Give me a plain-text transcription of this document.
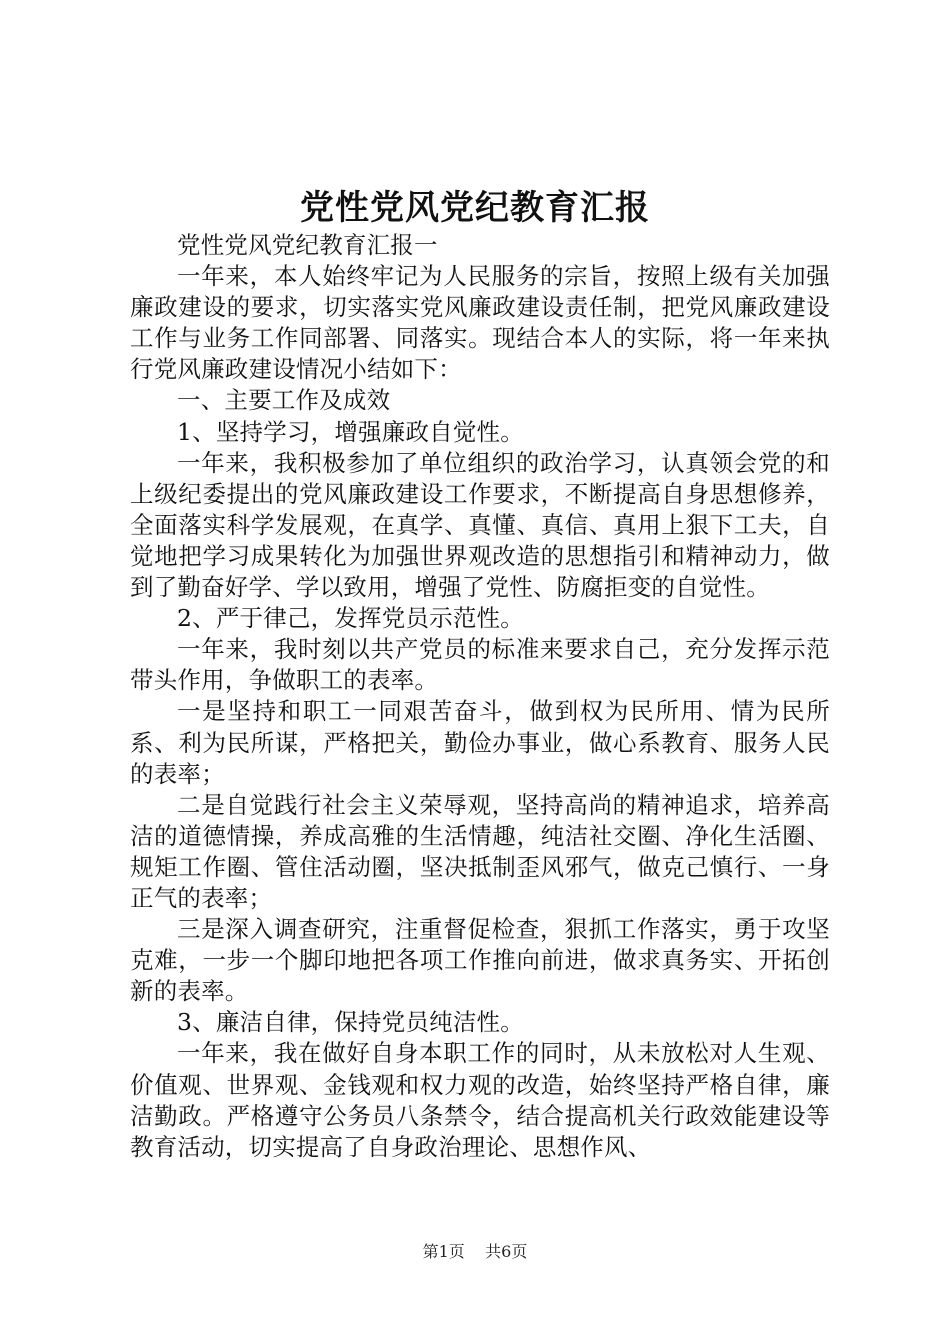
党性党风党纪教育汇报

党性党风党纪教育汇报一

一年来，本人始终牢记为人民服务的宗旨，按照上级有关加强廉政建设的要求，切实落实党风廉政建设责任制，把党风廉政建设工作与业务工作同部署、同落实。现结合本人的实际，将一年来执行党风廉政建设情况小结如下：

一、主要工作及成效

1、坚持学习，增强廉政自觉性。

一年来，我积极参加了单位组织的政治学习，认真领会党的和上级纪委提出的党风廉政建设工作要求，不断提高自身思想修养，全面落实科学发展观，在真学、真懂、真信、真用上狠下工夫，自觉地把学习成果转化为加强世界观改造的思想指引和精神动力，做到了勤奋好学、学以致用，增强了党性、防腐拒变的自觉性。

2、严于律己，发挥党员示范性。

一年来，我时刻以共产党员的标准来要求自己，充分发挥示范带头作用，争做职工的表率。

一是坚持和职工一同艰苦奋斗，做到权为民所用、情为民所系、利为民所谋，严格把关，勤俭办事业，做心系教育、服务人民的表率；

二是自觉践行社会主义荣辱观，坚持高尚的精神追求，培养高洁的道德情操，养成高雅的生活情趣，纯洁社交圈、净化生活圈、规矩工作圈、管住活动圈，坚决抵制歪风邪气，做克己慎行、一身正气的表率；

三是深入调查研究，注重督促检查，狠抓工作落实，勇于攻坚克难，一步一个脚印地把各项工作推向前进，做求真务实、开拓创新的表率。

3、廉洁自律，保持党员纯洁性。

一年来，我在做好自身本职工作的同时，从未放松对人生观、价值观、世界观、金钱观和权力观的改造，始终坚持严格自律，廉洁勤政。严格遵守公务员八条禁令，结合提高机关行政效能建设等教育活动，切实提高了自身政治理论、思想作风、

第1页 共6页
